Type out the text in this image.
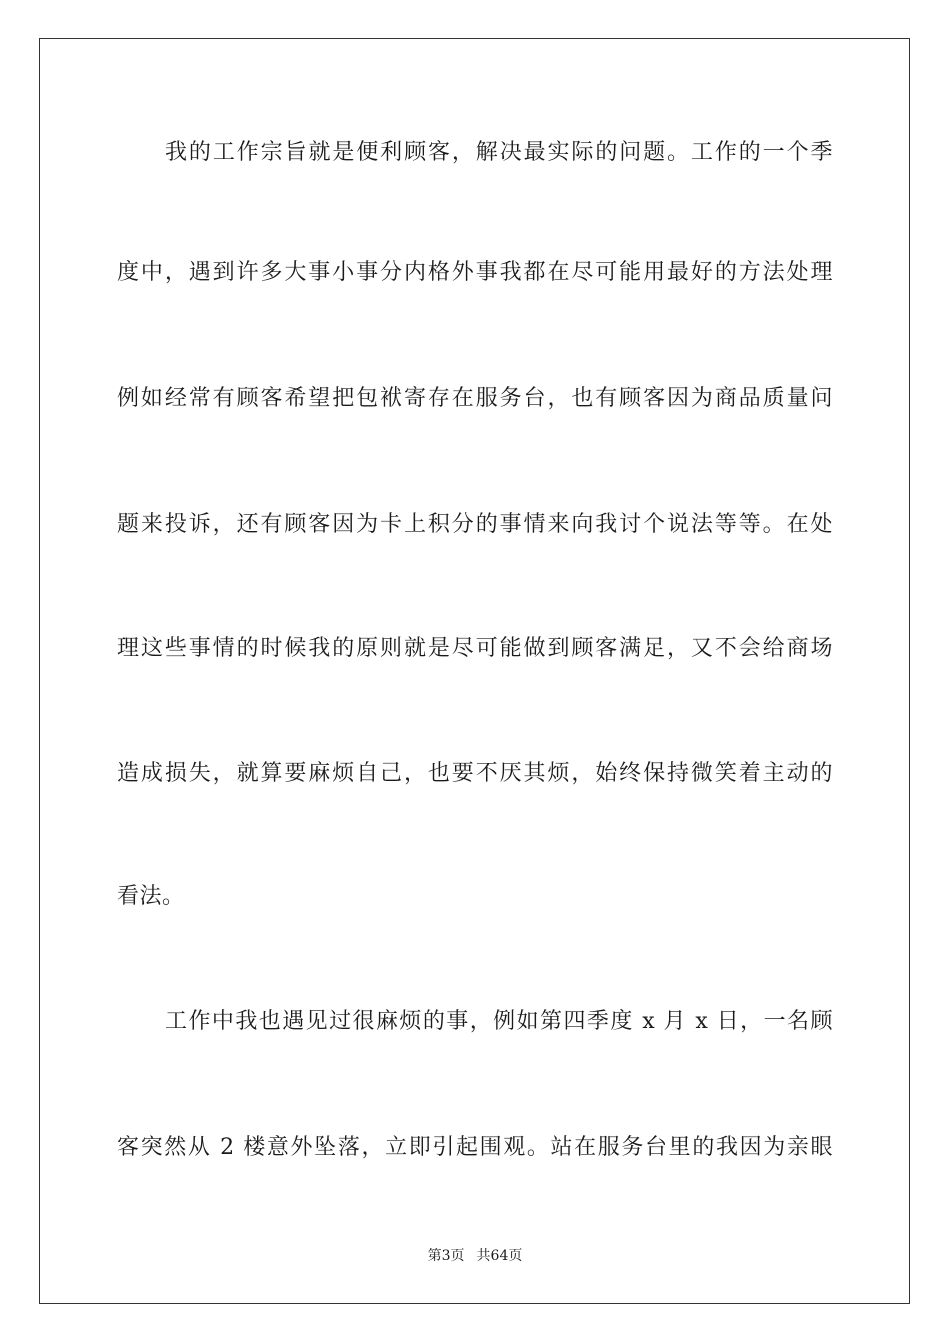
我的工作宗旨就是便利顾客，解决最实际的问题。工作的一个季
度中，遇到许多大事小事分内格外事我都在尽可能用最好的方法处理
例如经常有顾客希望把包袱寄存在服务台，也有顾客因为商品质量问
题来投诉，还有顾客因为卡上积分的事情来向我讨个说法等等。在处
理这些事情的时候我的原则就是尽可能做到顾客满足，又不会给商场
造成损失，就算要麻烦自己，也要不厌其烦，始终保持微笑着主动的
看法。
工作中我也遇见过很麻烦的事，例如第四季度 x 月 x 日，一名顾
客突然从 2 楼意外坠落，立即引起围观。站在服务台里的我因为亲眼
第3页 共64页
